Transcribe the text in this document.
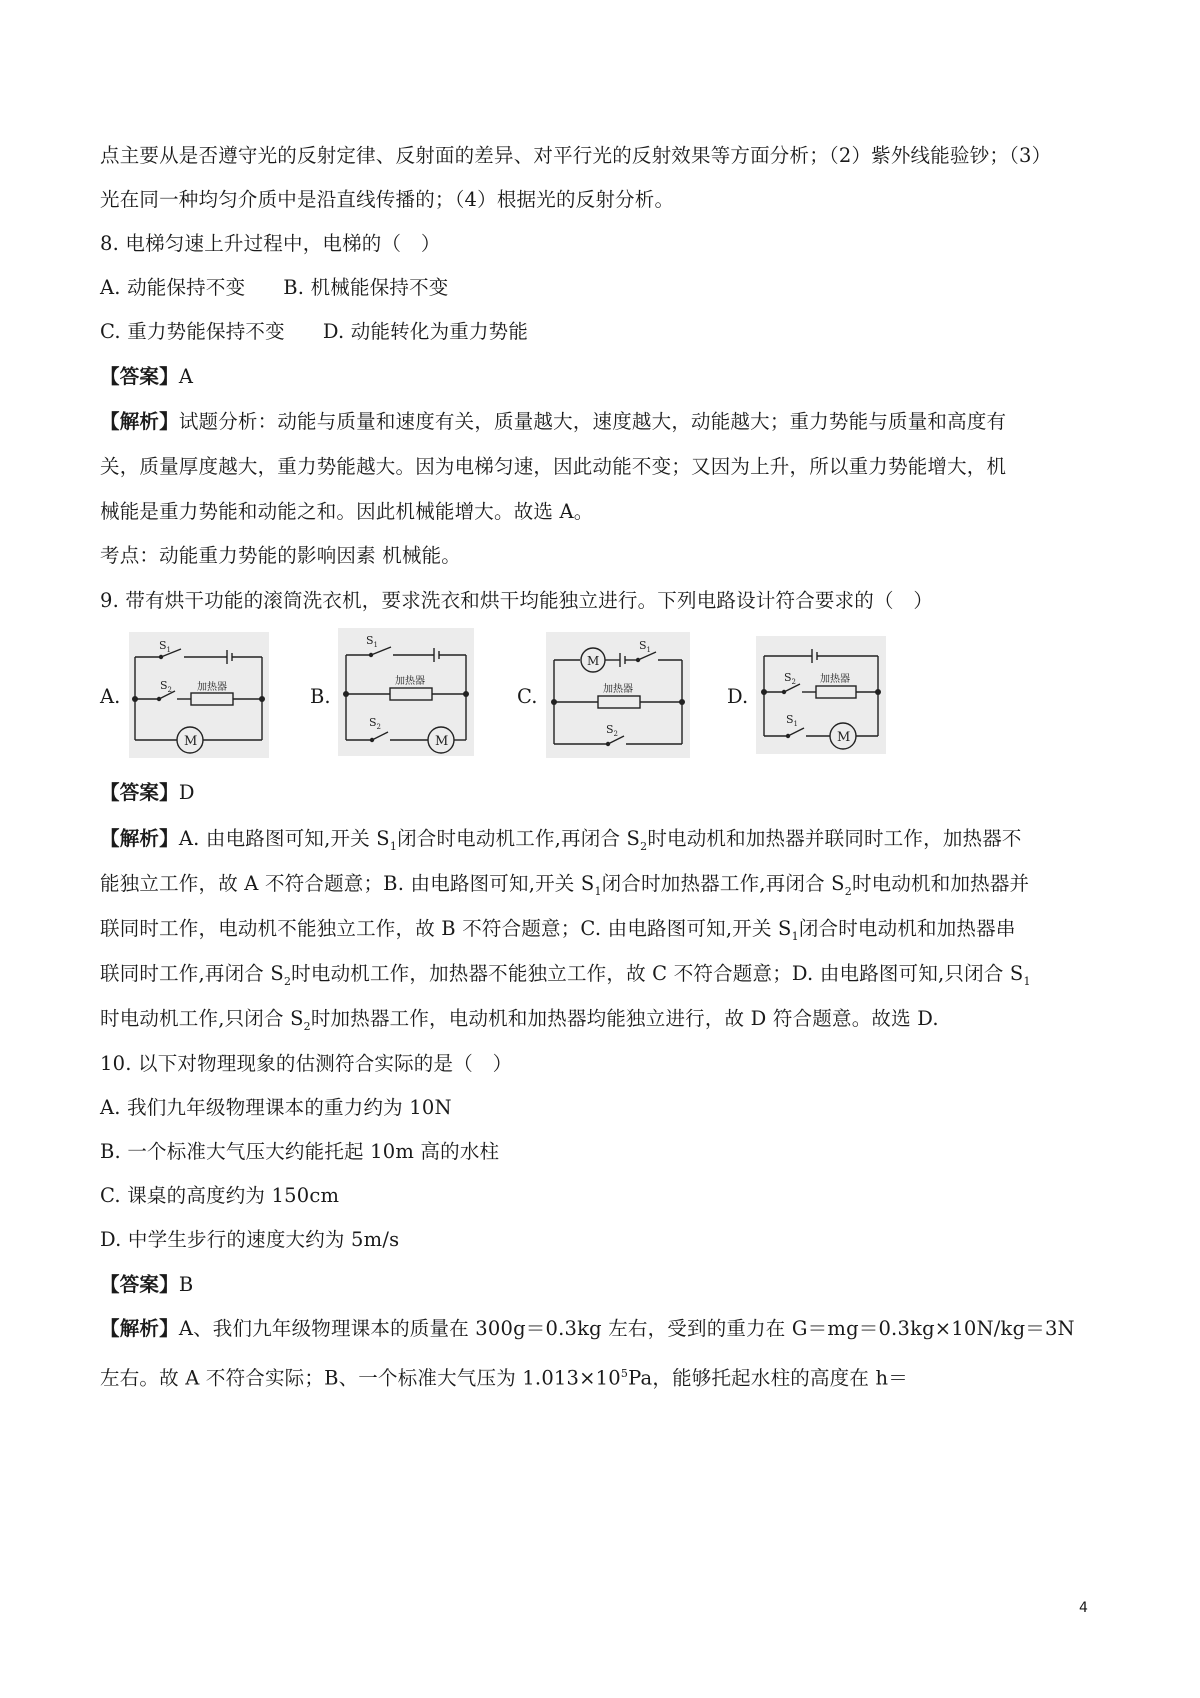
点主要从是否遵守光的反射定律、反射面的差异、对平行光的反射效果等方面分析；（2）紫外线能验钞；（3）
光在同一种均匀介质中是沿直线传播的；（4）根据光的反射分析。
8. 电梯匀速上升过程中，电梯的（　）
A. 动能保持不变 B. 机械能保持不变
C. 重力势能保持不变 D. 动能转化为重力势能
【答案】A
【解析】试题分析：动能与质量和速度有关，质量越大，速度越大，动能越大；重力势能与质量和高度有
关，质量厚度越大，重力势能越大。因为电梯匀速，因此动能不变；又因为上升，所以重力势能增大，机
械能是重力势能和动能之和。因此机械能增大。故选 A。
考点：动能重力势能的影响因素 机械能。
9. 带有烘干功能的滚筒洗衣机，要求洗衣和烘干均能独立进行。下列电路设计符合要求的（　）
A.	B.	C.	D.
$S_1$
$S_2$ 加热器
M
$S_1$
$S_2$
加热器
M
$S_1$
$S_2$
加热器
M
$S_2$
$S_1$
加热器
M
【答案】D
【解析】A. 由电路图可知,开关 $S_1$闭合时电动机工作,再闭合 $S_2$时电动机和加热器并联同时工作，加热器不
能独立工作，故 A 不符合题意；B. 由电路图可知,开关 $S_1$闭合时加热器工作,再闭合 $S_2$时电动机和加热器并
联同时工作，电动机不能独立工作，故 B 不符合题意；C. 由电路图可知,开关 $S_1$闭合时电动机和加热器串
联同时工作,再闭合 $S_2$时电动机工作，加热器不能独立工作，故 C 不符合题意；D. 由电路图可知,只闭合 $S_1$
时电动机工作,只闭合 $S_2$时加热器工作，电动机和加热器均能独立进行，故 D 符合题意。故选 D.
10. 以下对物理现象的估测符合实际的是（　）
A. 我们九年级物理课本的重力约为 10N
B. 一个标准大气压大约能托起 10m 高的水柱
C. 课桌的高度约为 150cm
D. 中学生步行的速度大约为 5m/s
【答案】B
【解析】A、我们九年级物理课本的质量在 300g＝0.3kg 左右，受到的重力在 G＝mg＝0.3kg×10N/kg＝3N
左右。故 A 不符合实际；B、一个标准大气压为 $1.013\times 10^5Pa$，能够托起水柱的高度在 h＝
4
